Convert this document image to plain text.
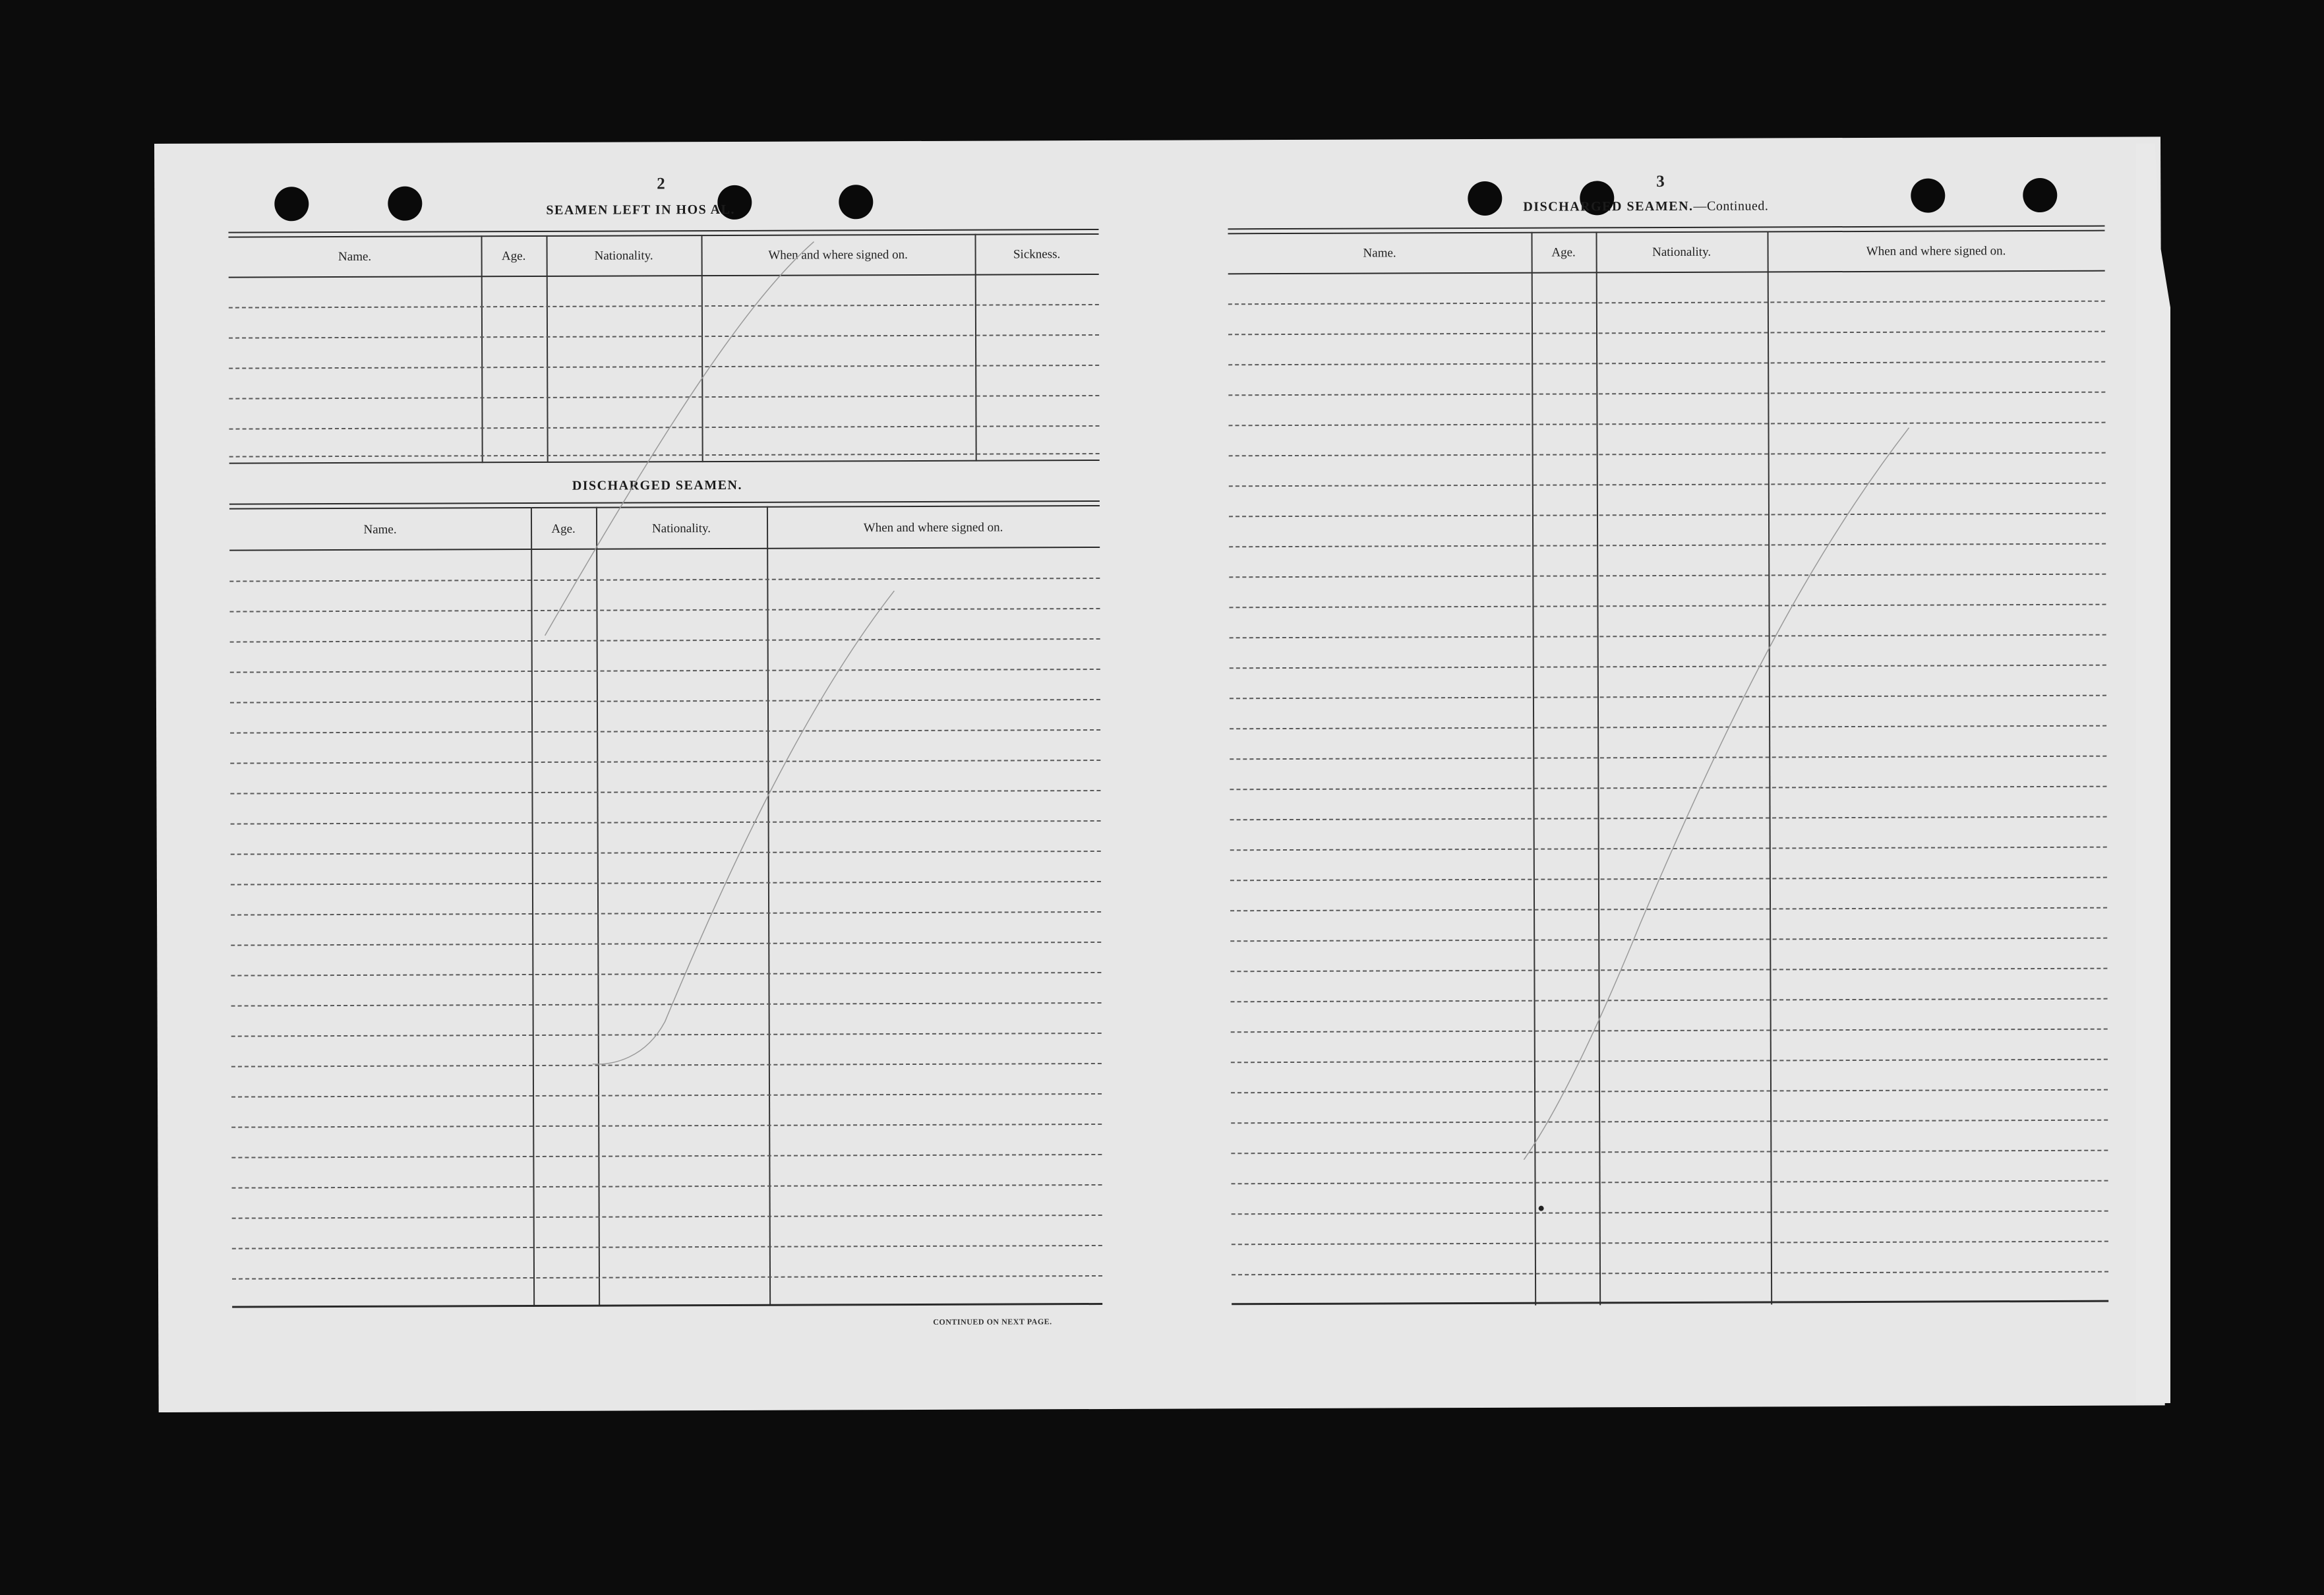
2
SEAMEN LEFT IN HOS AL.
Name.	Age.	Nationality.	When and where signed on.	Sickness.
DISCHARGED SEAMEN.
Name.	Age.	Nationality.	When and where signed on.
CONTINUED ON NEXT PAGE.
3
DISCHARGED SEAMEN.—Continued.
Name.	Age.	Nationality.	When and where signed on.
